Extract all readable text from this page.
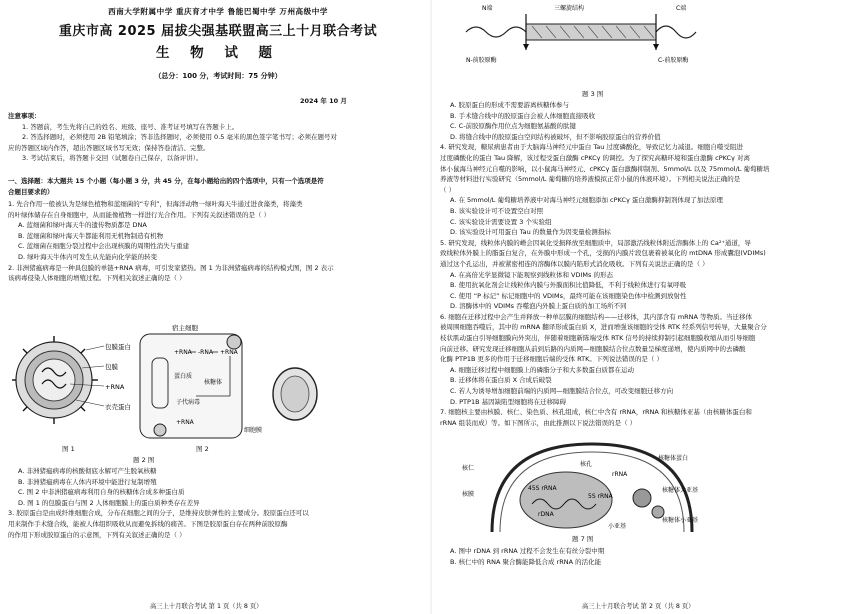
西南大学附属中学 重庆育才中学 鲁能巴蜀中学 万州高级中学
重庆市高 2025 届拔尖强基联盟高三上十月联合考试
生 物 试 题
（总分：100 分，考试时间：75 分钟）
2024 年 10 月

注意事项：

1. 答题前，考生先将自己的姓名、班级、座号、准考证号填写在答题卡上。

2. 答选择题时，必须使用 2B 铅笔填涂；答非选择题时，必须使用 0.5 毫米的黑色签字笔书写；必须在题号对

应的答题区域内作答，超出答题区域书写无效；保持答卷清洁、完整。

3. 考试结束后，将答题卡交回（试题卷自己保存，以备评讲）。

一、选择题：本大题共 15 个小题（每小题 3 分，共 45 分，在每小题给出的四个选项中，只有一个选项是符

合题目要求的）

1. 先合作用一般被认为是绿色植物和蓝细菌的“专利”，但海洋动物一绿叶海天牛通过进食藻类，将藻类

的叶绿体储存在自身细胞中，从而能像植物一样进行光合作用。下列有关叙述错误的是（ ）

A. 蓝细菌和绿叶海天牛的遗传物质都是 DNA

B. 蓝细菌和绿叶海天牛都能利用无机物制造有机物

C. 蓝细菌在细胞分裂过程中会出现核膜的周期性消失与重建

D. 绿叶海天牛体内可发生从光能向化学能的转变

2. 非洲猪瘟病毒是一种具包膜的单链+RNA 病毒，可引发家猪热。图 1 为非洲猪瘟病毒的结构模式图，图 2 表示

该病毒侵染人体细胞的增殖过程。下列相关叙述正确的是（ ）

包膜蛋白
包膜
+RNA
衣壳蛋白
宿主细胞
+RNA -RNA +RNA
蛋白质
核糖体
子代病毒
+RNA
细胞膜
图 1	图 2
题 2 图

A. 非洲猪瘟病毒的核酸彻底水解可产生脱氧核糖

B. 非洲猪瘟病毒在人体内环境中能进行复制增殖

C. 图 2 中非洲猪瘟病毒利用自身的核糖体合成多种蛋白质

D. 图 1 的包膜蛋白与图 2 人体细胞膜上的蛋白质种类存在差异

3. 胶原蛋白是由成纤维细胞合成，分布在细胞之间的分子，是维持皮肤弹性的主要成分。胶原蛋白还可以

用来制作手术缝合线，能被人体组织吸收从而避免拆线的痛苦。下图是胶原蛋白存在两种前胶原酶

的作用下形成胶原蛋白的示意图，下列有关叙述正确的是（ ）

高三上十月联合考试 第 1 页（共 8 页）
N端	三螺旋结构	C端
N-前胶原酶	C-前胶原酶
题 3 图

A. 胶原蛋白的形成不需要游离核糖体参与

B. 手术缝合线中的胶原蛋白会被人体细胞直接吸收

C. C-前胶原酶作用位点为细胞氨基酸的肽键

D. 将缝合线中的胶原蛋白空间结构被破坏，但不影响胶原蛋白的营养价值

4. 研究发现，糖尿病患者由于大脑海马神经元中蛋白 Tau 过度磷酸化，导致记忆力减退。细胞自噬受阻进

过度磷酸化的蛋白 Tau 降解，该过程受蛋白激酶 cPKCγ 的调控。为了探究高糖环境和蛋白激酶 cPKCγ 对离

体小鼠海马神经元自噬的影响，以小鼠海马神经元、cPKCγ 蛋白激酶抑制剂、5mmol/L 以及 75mmol/L 葡萄糖培

养液等材料进行实验研究（5mmol/L 葡萄糖的培养液模拟正常小鼠的体液环境）。下列相关说法正确的是

（ ）

A. 在 5mmol/L 葡萄糖培养液中对海马神经元细胞添加 cPKCγ 蛋白激酶抑制剂体现了加法原理

B. 该实验设计可不设置空白对照

C. 该实验设计需要设置 3 个实验组

D. 该实验设计可用蛋白 Tau 的数量作为因变量检测指标

5. 研究发现，线粒体内膜的嵴会因氧化受损释放至细胞质中，局部激活线粒体附近溶酶体上的 Ca²⁺通道，导

致线粒体外膜上的脂蛋白复合，在外膜中形成一个孔，受损的内膜片段包裹着被氧化的 mtDNA 形成囊泡(VDIMs)

通过这个孔运出，并被紧密相连的溶酶体以膜内陷形式消化吸收。下列有关说法正确的是（ ）

A. 在高倍光学显微镜下能观察到线粒体和 VDIMs 的形态

B. 使用抗氧化剂会让线粒体内膜与外膜面积比值降低，不利于线粒体进行有氧呼吸

C. 使用 “P 标记” 标记细胞中的 VDIMs，最终可能在该细胞染色体中检测到放射性

D. 溶酶体中的 VDIMs 吞噬泡内外膜上蛋白质的加工场所不同

6. 细胞在迁移过程中会产生并释放一种单层膜的细胞结构——迁移体，其内部含有 mRNA 等物质。当迁移体

被周围细胞吞噬后，其中的 mRNA 翻译形成蛋白质 X，进而增强该细胞的受体 RTK 经系列信号转导，大量聚合分

枝状肌动蛋白引导细胞膜向外突出，伴随着细胞新陈端受体 RTK 信号的持续抑制引起细胞膜收缩从而引导细胞

向前迁移。研究发现迁移细胞从前到后路的内质网—细胞膜结合位点数量呈梯度递增，使内质网中的去磷酸

化酶 PTP1B 更多的作用于迁移细胞后端的受体 RTK。下列说法错误的是（ ）

A. 细胞迁移过程中细胞膜上的磷脂分子和大多数蛋白质都在运动

B. 迁移体将在蛋白质 X 合成后破裂

C. 若人为诱导增加细胞前端的内质网—细胞膜结合位点，可改变细胞迁移方向

D. PTP1B 基因缺陷型细胞将在迁移障碍

7. 细胞核主要由核膜、核仁、染色质、核孔组成，核仁中含有 rRNA，rRNA 和核糖体亚基（由核糖体蛋白和

rRNA 组装而成）等。如下图所示，由此推测以下说法错误的是（ ）

核仁
核孔
rRNA
核糖体蛋白
5S rRNA
核糖体大亚基
核糖体小亚基
核膜
rDNA
45S rRNA
小亚基
题 7 图

A. 图中 rDNA 到 rRNA 过程不会发生在有丝分裂中期

B. 核仁中的 RNA 聚合酶能降低合成 rRNA 的活化能

高三上十月联合考试 第 2 页（共 8 页）
